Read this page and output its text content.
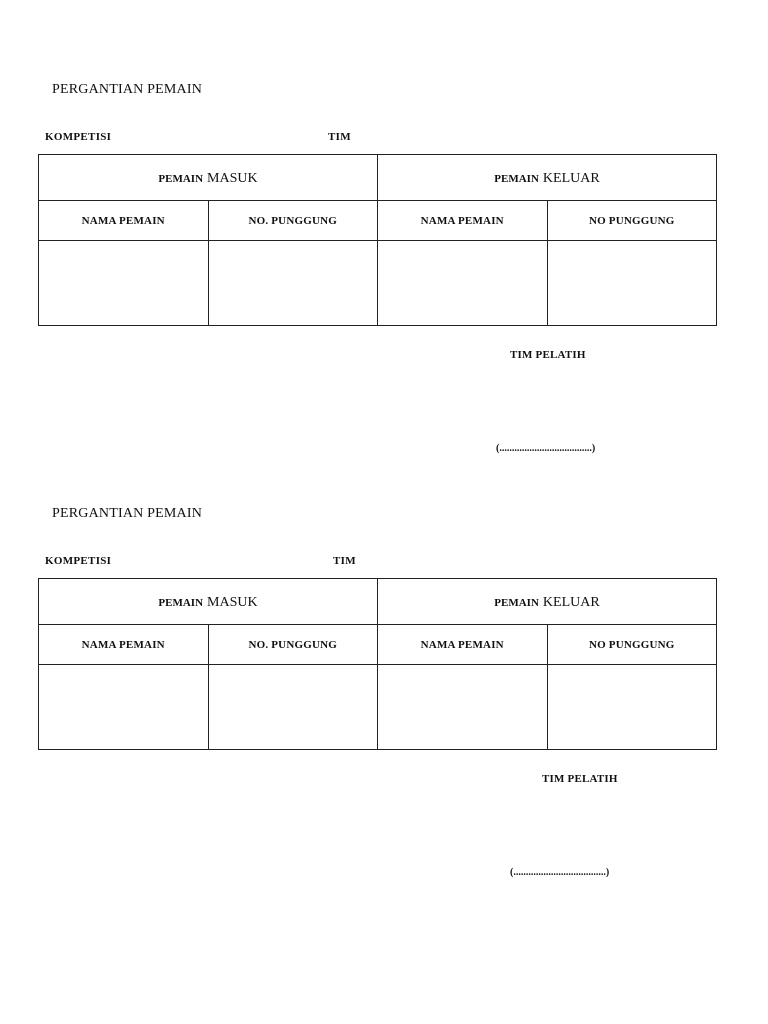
PERGANTIAN PEMAIN
KOMPETISI	TIM
PEMAIN MASUK		PEMAIN KELUAR	
NAMA PEMAIN	NO. PUNGGUNG	NAMA PEMAIN	NO PUNGGUNG

TIM PELATIH
(.....................................)
PERGANTIAN PEMAIN
KOMPETISI	TIM
PEMAIN MASUK		PEMAIN KELUAR	
NAMA PEMAIN	NO. PUNGGUNG	NAMA PEMAIN	NO PUNGGUNG

TIM PELATIH
(.....................................)
